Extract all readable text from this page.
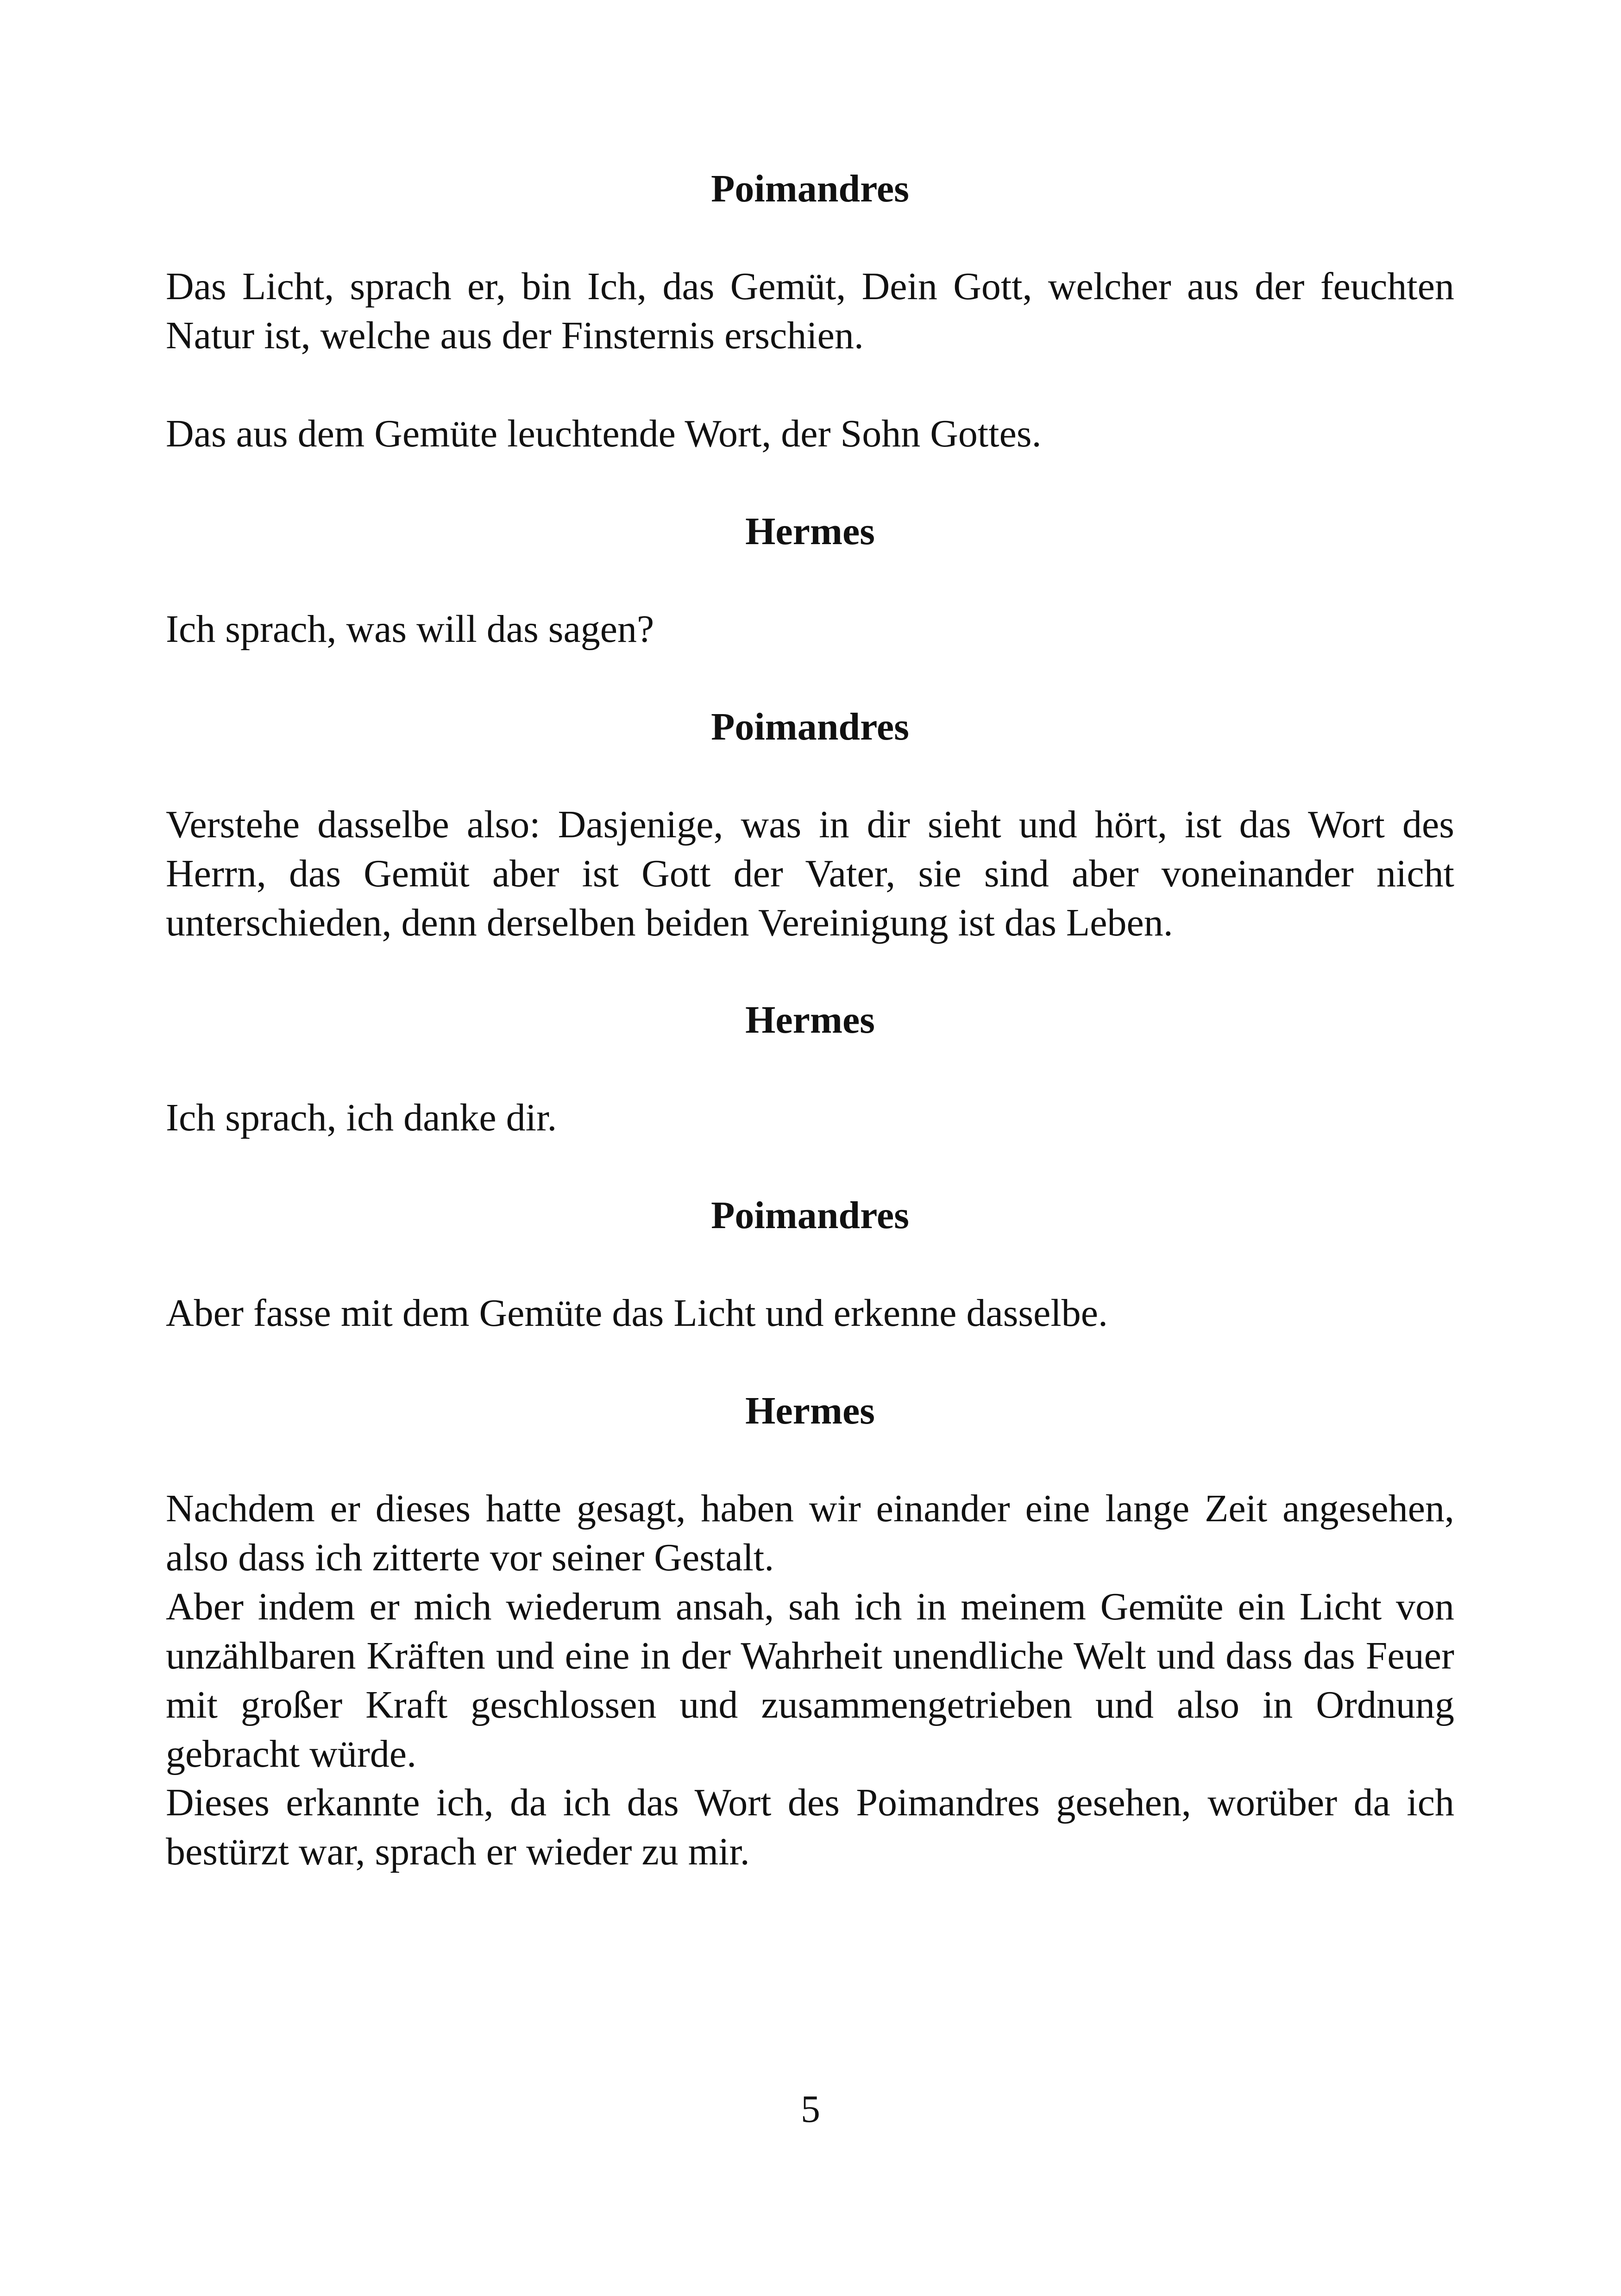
Poimandres

Das Licht, sprach er, bin Ich, das Gemüt, Dein Gott, welcher aus der feuchten Natur ist, welche aus der Finsternis erschien.

Das aus dem Gemüte leuchtende Wort, der Sohn Gottes.

Hermes

Ich sprach, was will das sagen?

Poimandres

Verstehe dasselbe also: Dasjenige, was in dir sieht und hört, ist das Wort des Herrn, das Gemüt aber ist Gott der Vater, sie sind aber voneinander nicht unterschieden, denn derselben beiden Vereinigung ist das Leben.

Hermes

Ich sprach, ich danke dir.

Poimandres

Aber fasse mit dem Gemüte das Licht und erkenne dasselbe.

Hermes

Nachdem er dieses hatte gesagt, haben wir einander eine lange Zeit angesehen, also dass ich zitterte vor seiner Gestalt.

Aber indem er mich wiederum ansah, sah ich in meinem Gemüte ein Licht von unzählbaren Kräften und eine in der Wahrheit unendliche Welt und dass das Feuer mit großer Kraft geschlossen und zusammengetrieben und also in Ordnung gebracht würde.

Dieses erkannte ich, da ich das Wort des Poimandres gesehen, worüber da ich bestürzt war, sprach er wieder zu mir.

5
